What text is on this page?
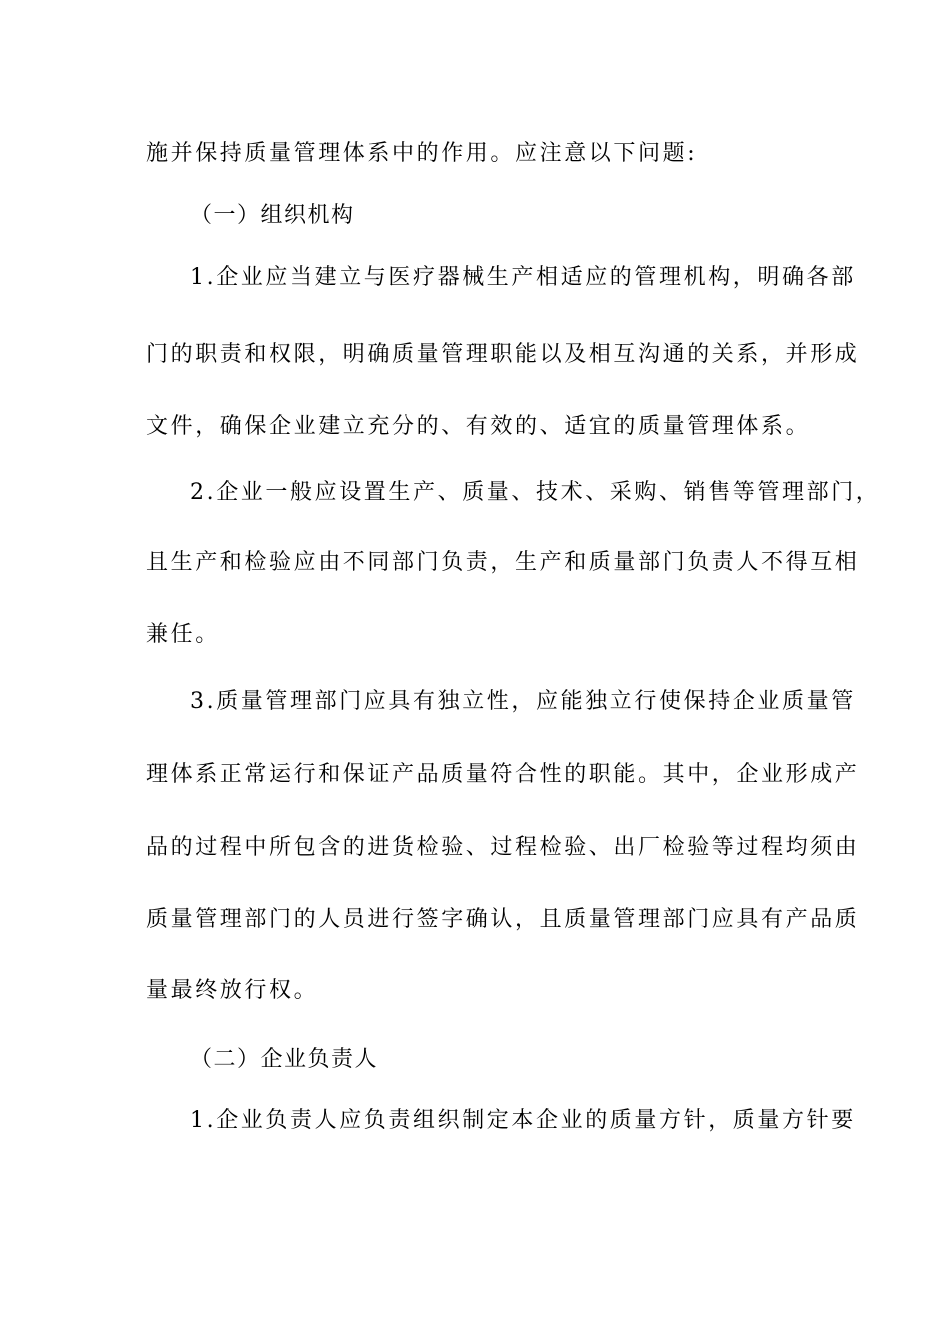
施并保持质量管理体系中的作用。应注意以下问题:
（一）组织机构
1.企业应当建立与医疗器械生产相适应的管理机构，明确各部
门的职责和权限，明确质量管理职能以及相互沟通的关系，并形成
文件，确保企业建立充分的、有效的、适宜的质量管理体系。
2.企业一般应设置生产、质量、技术、采购、销售等管理部门，
且生产和检验应由不同部门负责，生产和质量部门负责人不得互相
兼任。
3.质量管理部门应具有独立性，应能独立行使保持企业质量管
理体系正常运行和保证产品质量符合性的职能。其中，企业形成产
品的过程中所包含的进货检验、过程检验、出厂检验等过程均须由
质量管理部门的人员进行签字确认，且质量管理部门应具有产品质
量最终放行权。
（二）企业负责人
1.企业负责人应负责组织制定本企业的质量方针，质量方针要
